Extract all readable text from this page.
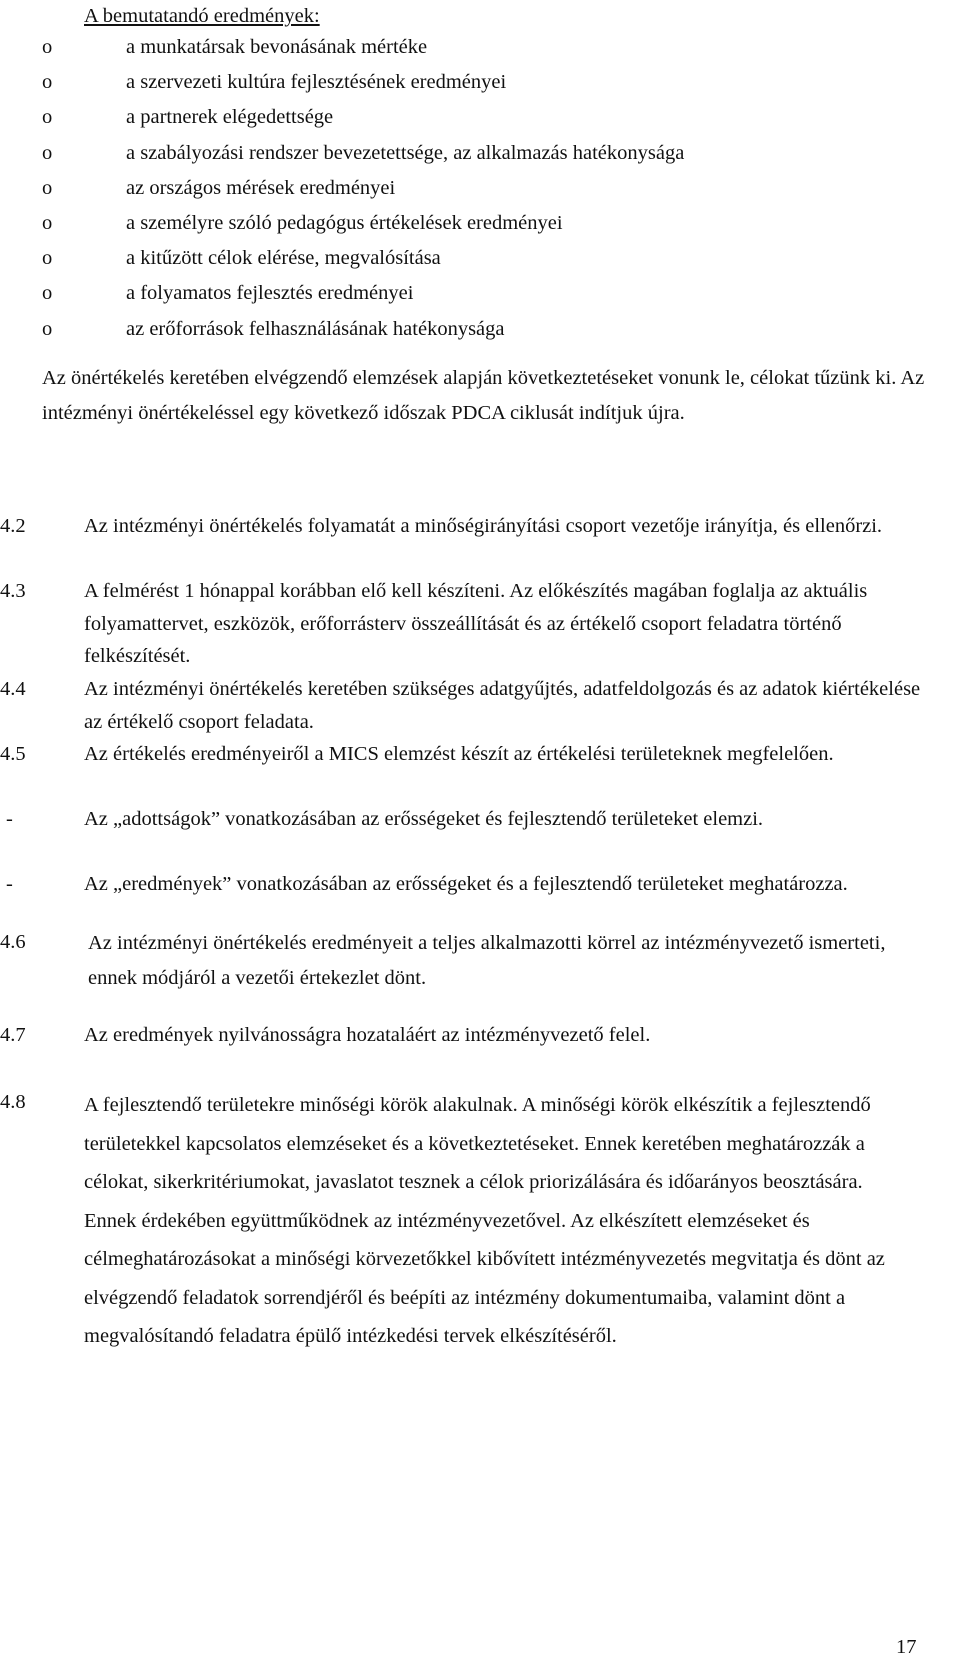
A bemutatandó eredmények:
o	a munkatársak bevonásának mértéke
o	a szervezeti kultúra fejlesztésének eredményei
o	a partnerek elégedettsége
o	a szabályozási rendszer bevezetettsége, az alkalmazás hatékonysága
o	az országos mérések eredményei
o	a személyre szóló pedagógus értékelések eredményei
o	a kitűzött célok elérése, megvalósítása
o	a folyamatos fejlesztés eredményei
o	az erőforrások felhasználásának hatékonysága

Az önértékelés keretében elvégzendő elemzések alapján következtetéseket vonunk le, célokat tűzünk ki. Az intézményi önértékeléssel egy következő időszak PDCA ciklusát indítjuk újra.

4.2	Az intézményi önértékelés folyamatát a minőségirányítási csoport vezetője irányítja, és ellenőrzi.
4.3	A felmérést 1 hónappal korábban elő kell készíteni. Az előkészítés magában foglalja az aktuális folyamattervet, eszközök, erőforrásterv összeállítását és az értékelő csoport feladatra történő felkészítését.
4.4	Az intézményi önértékelés keretében szükséges adatgyűjtés, adatfeldolgozás és az adatok kiértékelése az értékelő csoport feladata.
4.5	Az értékelés eredményeiről a MICS elemzést készít az értékelési területeknek megfelelően.
-	Az „adottságok” vonatkozásában az erősségeket és fejlesztendő területeket elemzi.
-	Az „eredmények” vonatkozásában az erősségeket és a fejlesztendő területeket meghatározza.
4.6	Az intézményi önértékelés eredményeit a teljes alkalmazotti körrel az intézményvezető ismerteti, ennek módjáról a vezetői értekezlet dönt.
4.7	Az eredmények nyilvánosságra hozataláért az intézményvezető felel.
4.8	A fejlesztendő területekre minőségi körök alakulnak. A minőségi körök elkészítik a fejlesztendő területekkel kapcsolatos elemzéseket és a következtetéseket. Ennek keretében meghatározzák a célokat, sikerkritériumokat, javaslatot tesznek a célok priorizálására és időarányos beosztására. Ennek érdekében együttműködnek az intézményvezetővel. Az elkészített elemzéseket és célmeghatározásokat a minőségi körvezetőkkel kibővített intézményvezetés megvitatja és dönt az elvégzendő feladatok sorrendjéről és beépíti az intézmény dokumentumaiba, valamint dönt a megvalósítandó feladatra épülő intézkedési tervek elkészítéséről.
17
